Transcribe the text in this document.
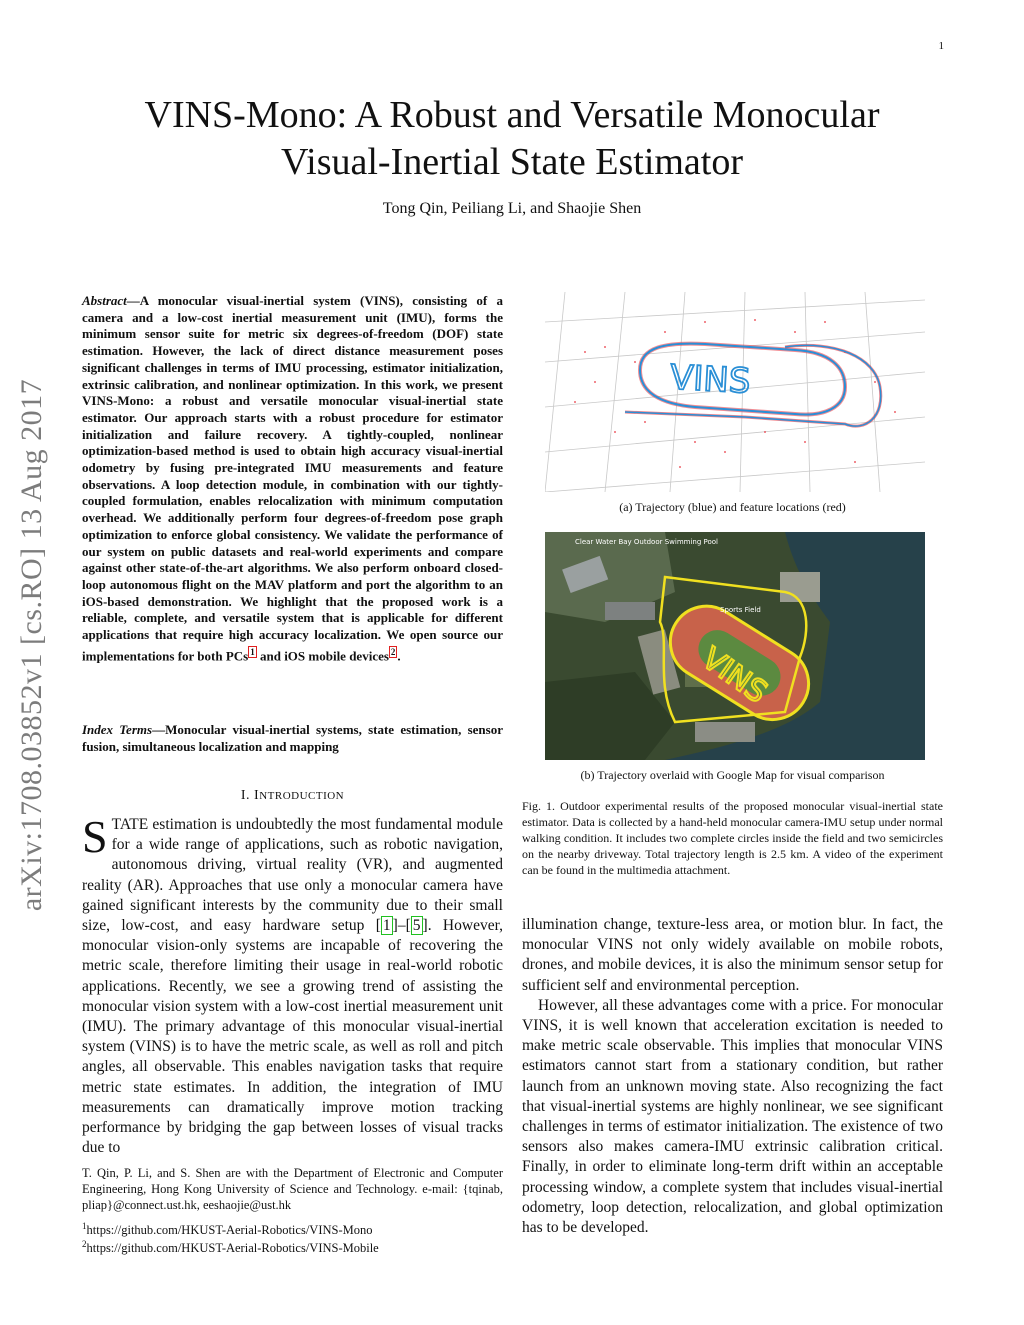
1
VINS-Mono: A Robust and Versatile Monocular
Visual-Inertial State Estimator
Tong Qin, Peiliang Li, and Shaojie Shen
arXiv:1708.03852v1 [cs.RO] 13 Aug 2017
Abstract—A monocular visual-inertial system (VINS), consisting of a camera and a low-cost inertial measurement unit (IMU), forms the minimum sensor suite for metric six degrees-of-freedom (DOF) state estimation. However, the lack of direct distance measurement poses significant challenges in terms of IMU processing, estimator initialization, extrinsic calibration, and nonlinear optimization. In this work, we present VINS-Mono: a robust and versatile monocular visual-inertial state estimator. Our approach starts with a robust procedure for estimator initialization and failure recovery. A tightly-coupled, nonlinear optimization-based method is used to obtain high accuracy visual-inertial odometry by fusing pre-integrated IMU measurements and feature observations. A loop detection module, in combination with our tightly-coupled formulation, enables relocalization with minimum computation overhead. We additionally perform four degrees-of-freedom pose graph optimization to enforce global consistency. We validate the performance of our system on public datasets and real-world experiments and compare against other state-of-the-art algorithms. We also perform onboard closed-loop autonomous flight on the MAV platform and port the algorithm to an iOS-based demonstration. We highlight that the proposed work is a reliable, complete, and versatile system that is applicable for different applications that require high accuracy localization. We open source our implementations for both PCs $^1$ and iOS mobile devices $^2$ .
Index Terms—Monocular visual-inertial systems, state estimation, sensor fusion, simultaneous localization and mapping
I. INTRODUCTION
STATE estimation is undoubtedly the most fundamental module for a wide range of applications, such as robotic navigation, autonomous driving, virtual reality (VR), and augmented reality (AR). Approaches that use only a monocular camera have gained significant interests by the community due to their small size, low-cost, and easy hardware setup [ 1 ]–[ 5 ]. However, monocular vision-only systems are incapable of recovering the metric scale, therefore limiting their usage in real-world robotic applications. Recently, we see a growing trend of assisting the monocular vision system with a low-cost inertial measurement unit (IMU). The primary advantage of this monocular visual-inertial system (VINS) is to have the metric scale, as well as roll and pitch angles, all observable. This enables navigation tasks that require metric state estimates. In addition, the integration of IMU measurements can dramatically improve motion tracking performance by bridging the gap between losses of visual tracks due to
T. Qin, P. Li, and S. Shen are with the Department of Electronic and Computer Engineering, Hong Kong University of Science and Technology. e-mail: {tqinab, pliap}@connect.ust.hk, eeshaojie@ust.hk
$^1$https://github.com/HKUST-Aerial-Robotics/VINS-Mono
$^2$https://github.com/HKUST-Aerial-Robotics/VINS-Mobile
VINS
(a) Trajectory (blue) and feature locations (red)
VINS
Clear Water Bay Outdoor Swimming Pool
Sports Field
(b) Trajectory overlaid with Google Map for visual comparison
Fig. 1. Outdoor experimental results of the proposed monocular visual-inertial state estimator. Data is collected by a hand-held monocular camera-IMU setup under normal walking condition. It includes two complete circles inside the field and two semicircles on the nearby driveway. Total trajectory length is 2.5 km. A video of the experiment can be found in the multimedia attachment.

illumination change, texture-less area, or motion blur. In fact, the monocular VINS not only widely available on mobile robots, drones, and mobile devices, it is also the minimum sensor setup for sufficient self and environmental perception.

However, all these advantages come with a price. For monocular VINS, it is well known that acceleration excitation is needed to make metric scale observable. This implies that monocular VINS estimators cannot start from a stationary condition, but rather launch from an unknown moving state. Also recognizing the fact that visual-inertial systems are highly nonlinear, we see significant challenges in terms of estimator initialization. The existence of two sensors also makes camera-IMU extrinsic calibration critical. Finally, in order to eliminate long-term drift within an acceptable processing window, a complete system that includes visual-inertial odometry, loop detection, relocalization, and global optimization has to be developed.
